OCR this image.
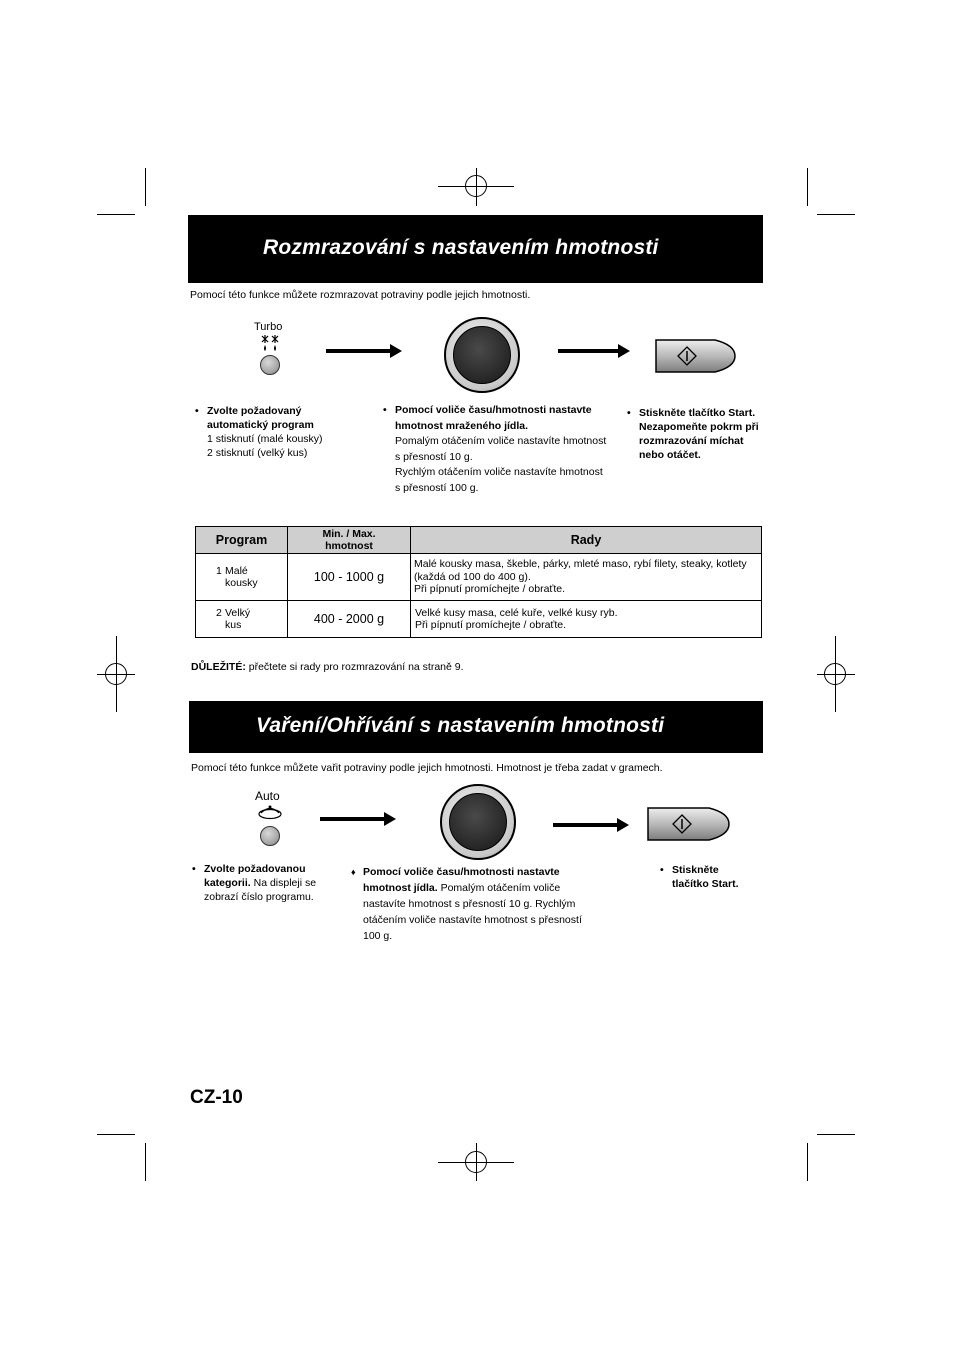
Rozmrazování s nastavením hmotnosti
Pomocí této funkce můžete rozmrazovat potraviny podle jejich hmotnosti.
Turbo
• Zvolte požadovaný automatický program

1 stisknutí (malé kousky)

2 stisknutí (velký kus)

• Pomocí voliče času/hmotnosti nastavte hmotnost mraženého jídla.

Pomalým otáčením voliče nastavíte hmotnost s přesností 10 g.

Rychlým otáčením voliče nastavíte hmotnost s přesností 100 g.

• Stiskněte tlačítko Start. Nezapomeňte pokrm při rozmrazování míchat nebo otáčet.

Program	Min. / Max. hmotnost	Rady
1 Malé kousky	100 - 1000 g	Malé kousky masa, škeble, párky, mleté maso, rybí filety, steaky, kotlety (každá od 100 do 400 g).
Při pípnutí promíchejte / obraťte.

2 Velký kus	400 - 2000 g	Velké kusy masa, celé kuře, velké kusy ryb.
Při pípnutí promíchejte / obraťte.
DŮLEŽITÉ: přečtete si rady pro rozmrazování na straně 9.
Vaření/Ohřívání s nastavením hmotnosti
Pomocí této funkce můžete vařit potraviny podle jejich hmotnosti. Hmotnost je třeba zadat v gramech.
Auto
• Zvolte požadovanou kategorii. Na displeji se zobrazí číslo programu.
♦ Pomocí voliče času/hmotnosti nastavte hmotnost jídla. Pomalým otáčením voliče nastavíte hmotnost s přesností 10 g. Rychlým otáčením voliče nastavíte hmotnost s přesností 100 g.
• Stiskněte tlačítko Start.
CZ-10
